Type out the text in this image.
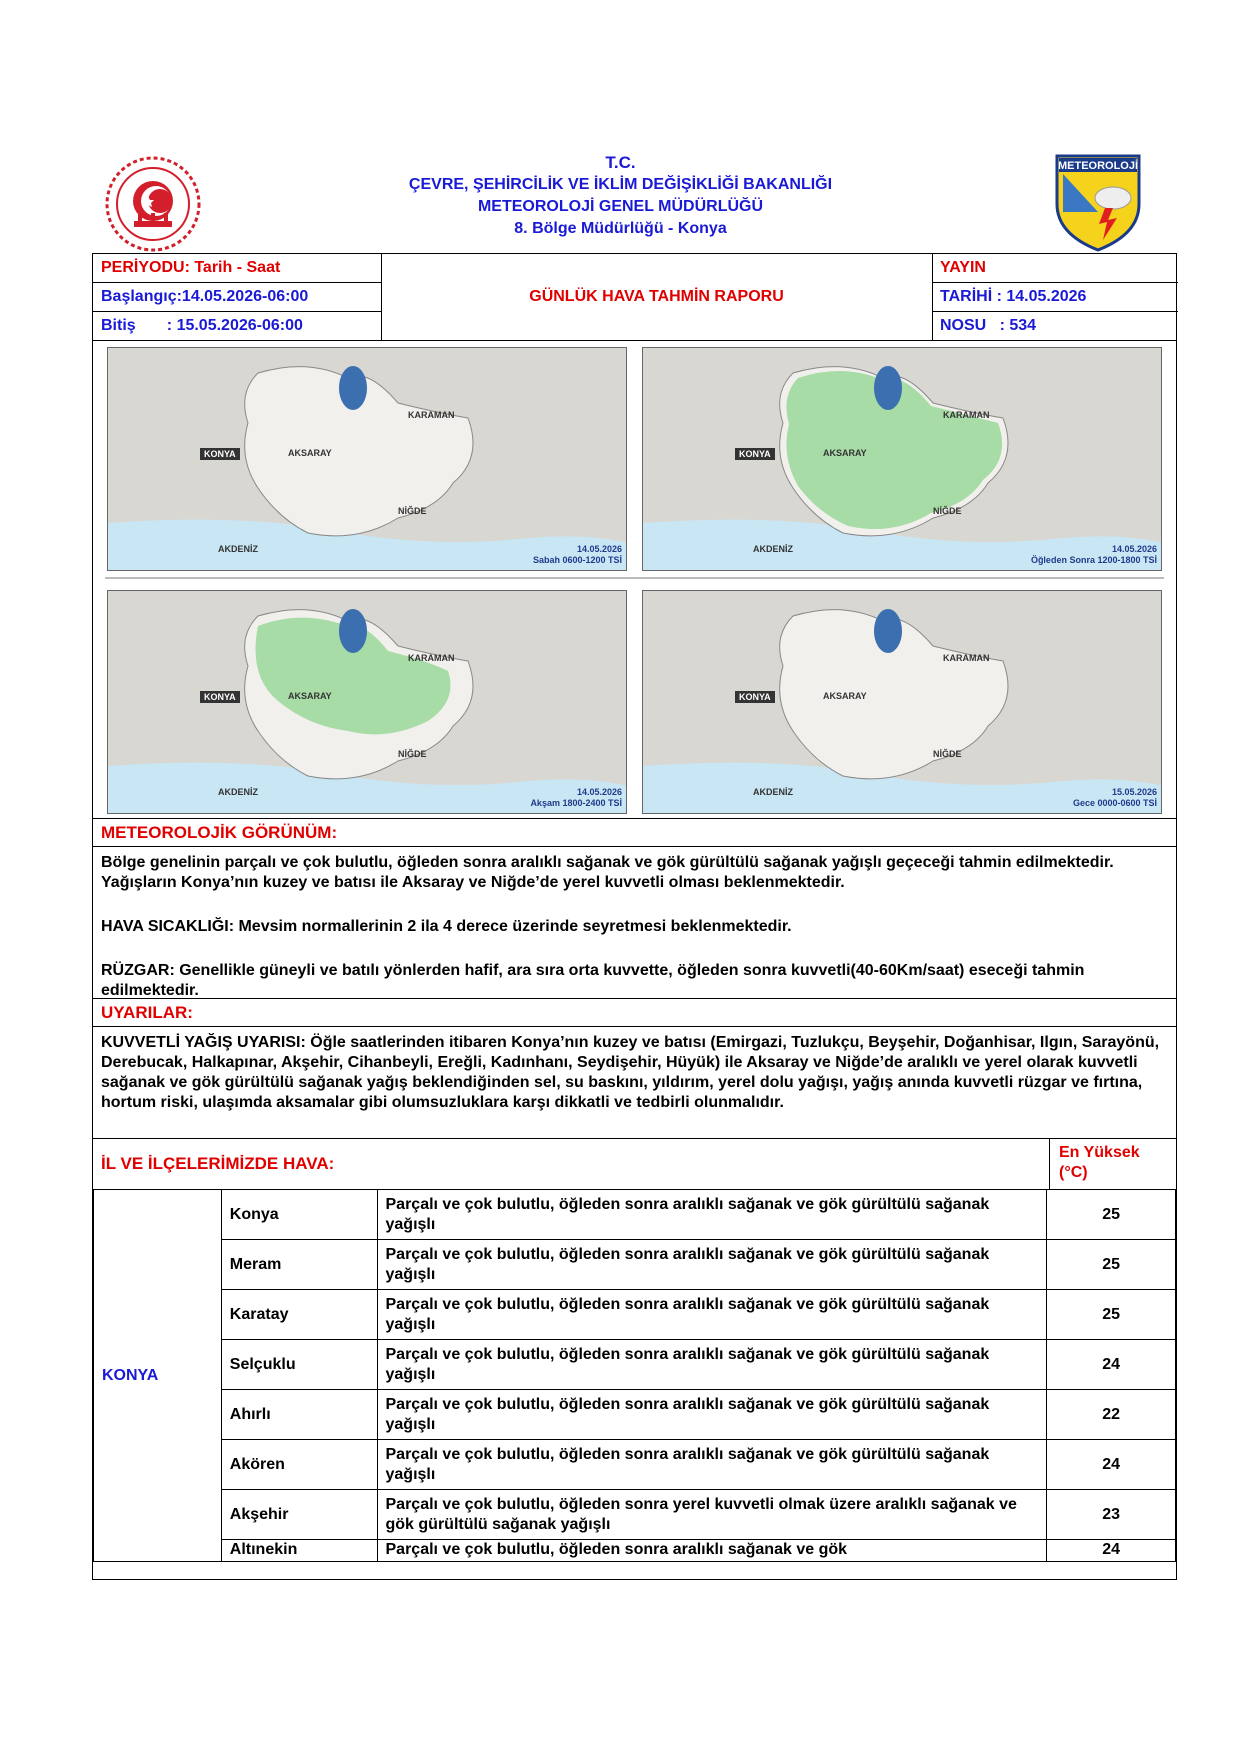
T.C.
ÇEVRE, ŞEHİRCİLİK VE İKLİM DEĞİŞİKLİĞİ BAKANLIĞI
METEOROLOJİ GENEL MÜDÜRLÜĞÜ
8. Bölge Müdürlüğü - Konya
METEOROLOJİ
PERİYODU: Tarih - Saat
Başlangıç:14.05.2026-06:00
Bitiş       : 15.05.2026-06:00
GÜNLÜK HAVA TAHMİN RAPORU
YAYIN
TARİHİ : 14.05.2026
NOSU   : 534
AKSARAY
KONYA
NİĞDE
KARAMAN
AKDENİZ	14.05.2026
Sabah 0600-1200 TSİ
AKSARAY
KONYA
NİĞDE
KARAMAN
AKDENİZ	14.05.2026
Öğleden Sonra 1200-1800 TSİ
AKSARAY
KONYA
NİĞDE
KARAMAN
AKDENİZ	14.05.2026
Akşam 1800-2400 TSİ
AKSARAY
KONYA
NİĞDE
KARAMAN
AKDENİZ	15.05.2026
Gece 0000-0600 TSİ
METEOROLOJİK GÖRÜNÜM:
Bölge genelinin parçalı ve çok bulutlu, öğleden sonra aralıklı sağanak ve gök gürültülü sağanak yağışlı geçeceği tahmin edilmektedir. Yağışların Konya’nın kuzey ve batısı ile Aksaray ve Niğde’de yerel kuvvetli olması beklenmektedir.
HAVA SICAKLIĞI: Mevsim normallerinin 2 ila 4 derece üzerinde seyretmesi beklenmektedir.
RÜZGAR: Genellikle güneyli ve batılı yönlerden hafif, ara sıra orta kuvvette, öğleden sonra kuvvetli(40-60Km/saat) eseceği tahmin edilmektedir.
UYARILAR:
KUVVETLİ YAĞIŞ UYARISI: Öğle saatlerinden itibaren Konya’nın kuzey ve batısı (Emirgazi, Tuzlukçu, Beyşehir, Doğanhisar, Ilgın, Sarayönü, Derebucak, Halkapınar, Akşehir, Cihanbeyli, Ereğli, Kadınhanı, Seydişehir, Hüyük) ile Aksaray ve Niğde’de aralıklı ve yerel olarak kuvvetli sağanak ve gök gürültülü sağanak yağış beklendiğinden sel, su baskını, yıldırım, yerel dolu yağışı, yağış anında kuvvetli rüzgar ve fırtına, hortum riski, ulaşımda aksamalar gibi olumsuzluklara karşı dikkatli ve tedbirli olunmalıdır.
İL VE İLÇELERİMİZDE HAVA:
En Yüksek (°C)
KONYA	Konya	Parçalı ve çok bulutlu, öğleden sonra aralıklı sağanak ve gök gürültülü sağanak yağışlı	25
	Meram	Parçalı ve çok bulutlu, öğleden sonra aralıklı sağanak ve gök gürültülü sağanak yağışlı	25
	Karatay	Parçalı ve çok bulutlu, öğleden sonra aralıklı sağanak ve gök gürültülü sağanak yağışlı	25
	Selçuklu	Parçalı ve çok bulutlu, öğleden sonra aralıklı sağanak ve gök gürültülü sağanak yağışlı	24
	Ahırlı	Parçalı ve çok bulutlu, öğleden sonra aralıklı sağanak ve gök gürültülü sağanak yağışlı	22
	Akören	Parçalı ve çok bulutlu, öğleden sonra aralıklı sağanak ve gök gürültülü sağanak yağışlı	24
	Akşehir	Parçalı ve çok bulutlu, öğleden sonra yerel kuvvetli olmak üzere aralıklı sağanak ve gök gürültülü sağanak yağışlı	23
	Altınekin	Parçalı ve çok bulutlu, öğleden sonra aralıklı sağanak ve gök	24
